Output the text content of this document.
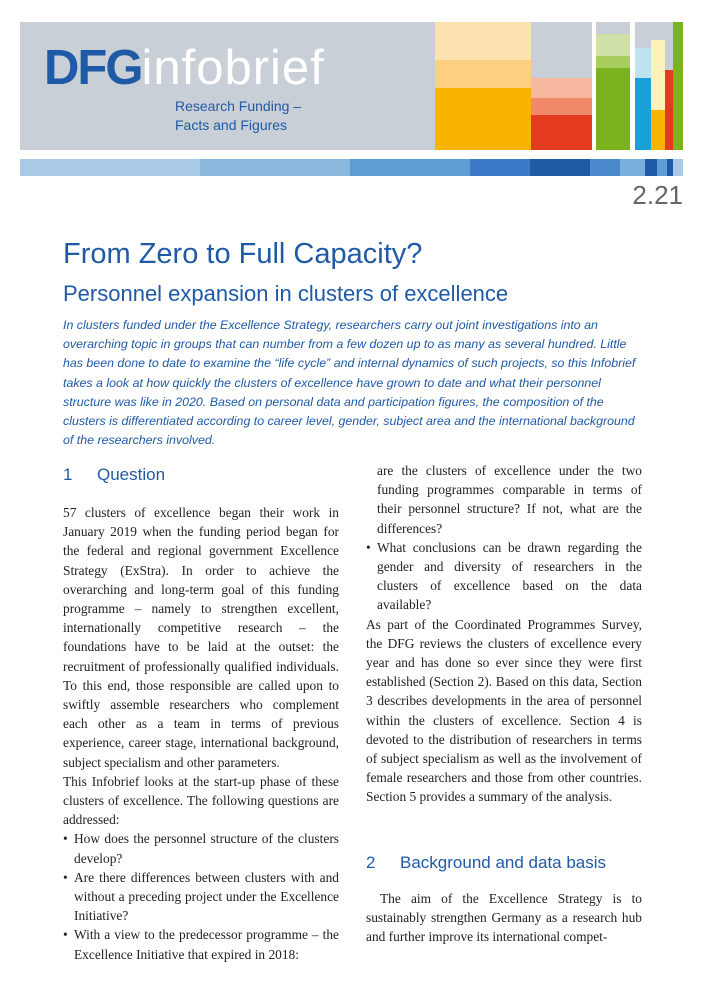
DFGinfobrief
Research Funding –
Facts and Figures
2.21
From Zero to Full Capacity?
Personnel expansion in clusters of excellence
In clusters funded under the Excellence Strategy, researchers carry out joint investigations into an overarching topic in groups that can number from a few dozen up to as many as several hundred. Little has been done to date to examine the “life cycle” and internal dynamics of such projects, so this Infobrief takes a look at how quickly the clusters of excellence have grown to date and what their personnel structure was like in 2020. Based on personal data and participation figures, the composition of the clusters is differentiated according to career level, gender, subject area and the international background of the researchers involved.
1 Question

57 clusters of excellence began their work in January 2019 when the funding period began for the federal and regional government Excellence Strategy (ExStra). In order to achieve the overarching and long-term goal of this funding programme – namely to strengthen excellent, internationally competitive research – the foundations have to be laid at the outset: the recruitment of professionally qualified individuals. To this end, those responsible are called upon to swiftly assemble researchers who complement each other as a team in terms of previous experience, career stage, international background, subject specialism and other parameters.

This Infobrief looks at the start-up phase of these clusters of excellence. The following questions are addressed:

• How does the personnel structure of the clusters develop?
• Are there differences between clusters with and without a preceding project under the Excellence Initiative?
• With a view to the predecessor programme – the Excellence Initiative that expired in 2018:

are the clusters of excellence under the two funding programmes comparable in terms of their personnel structure? If not, what are the differences?

• What conclusions can be drawn regarding the gender and diversity of researchers in the clusters of excellence based on the data available?

As part of the Coordinated Programmes Survey, the DFG reviews the clusters of excellence every year and has done so ever since they were first established (Section 2). Based on this data, Section 3 describes developments in the area of personnel within the clusters of excellence. Section 4 is devoted to the distribution of researchers in terms of subject specialism as well as the involvement of female researchers and those from other countries. Section 5 provides a summary of the analysis.

2 Background and data basis

The aim of the Excellence Strategy is to sustainably strengthen Germany as a research hub and further improve its international compet-
